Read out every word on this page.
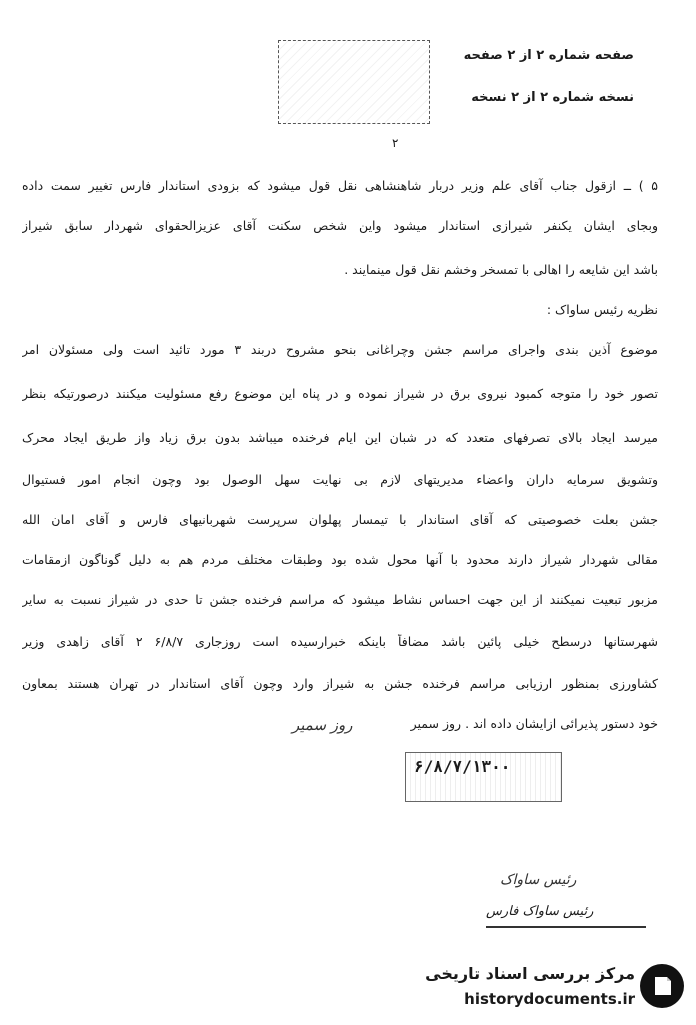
صفحه شماره ۲ از ۲ صفحه
نسخه شماره ۲ از ۲ نسخه
۲
۵ ) ــ ازقول جناب آقای علم وزیر دربار شاهنشاهی نقل قول میشود که بزودی استاندار فارس تغییر سمت داده
وبجای ایشان یکنفر شیرازی استاندار میشود واین شخص سکنت آقای عزیزالحقوای شهردار سابق شیراز
باشد این شایعه را اهالی با تمسخر وخشم نقل قول مینمایند .
نظریه رئیس ساواک :
موضوع آذین بندی واجرای مراسم جشن وچراغانی بنحو مشروح دربند ۳ مورد تائید است ولی مسئولان امر
تصور خود را متوجه کمبود نیروی برق در شیراز نموده و در پناه این موضوع رفع مسئولیت میکنند درصورتیکه بنظر
میرسد ایجاد بالای تصرفهای متعدد که در شبان این ایام فرخنده میباشد بدون برق زیاد واز طریق ایجاد محرک
وتشویق سرمایه داران واعضاء مدیریتهای لازم بی نهایت سهل الوصول بود وچون انجام امور فستیوال
جشن بعلت خصوصیتی که آقای استاندار با تیمسار پهلوان سرپرست شهربانیهای فارس و آقای امان الله
مقالی شهردار شیراز دارند محدود با آنها محول شده بود وطبقات مختلف مردم هم به دلیل گوناگون ازمقامات
مزبور تبعیت نمیکنند از این جهت احساس نشاط میشود که مراسم فرخنده جشن تا حدی در شیراز نسبت به سایر
شهرستانها درسطح خیلی پائین باشد مضافاً باینکه خبرارسیده است روزجاری ۶/۸/۷ ۲ آقای زاهدی وزیر
کشاورزی بمنظور ارزیابی مراسم فرخنده جشن به شیراز وارد وچون آقای استاندار در تهران هستند بمعاون
خود دستور پذیرائی ازایشان داده اند . روز سمیر
روز سمیر
۶/۸/۷/۱۳۰۰
رئیس ساواک
رئیس ساواک فارس
مرکز بررسی اسناد تاریخی
historydocuments.ir
